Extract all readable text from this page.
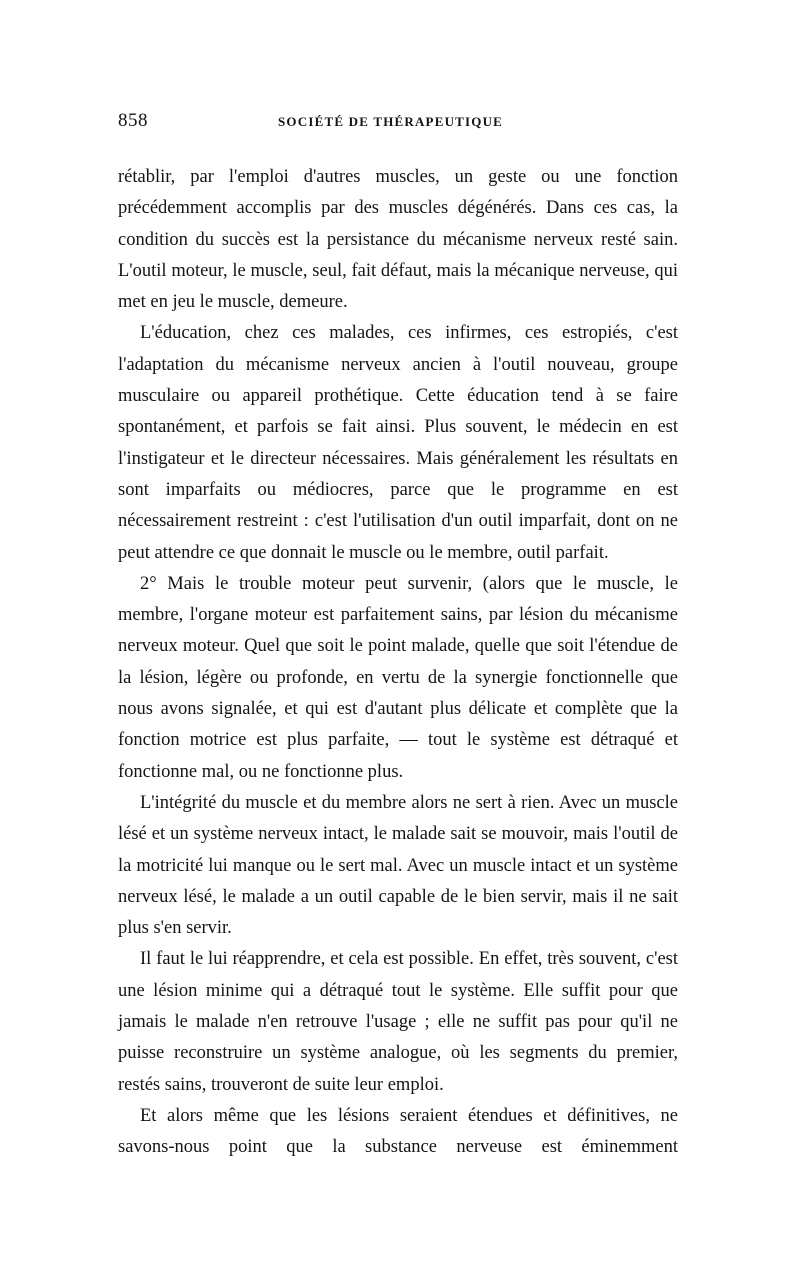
858	SOCIÉTÉ DE THÉRAPEUTIQUE

rétablir, par l'emploi d'autres muscles, un geste ou une fonction précédemment accomplis par des muscles dégénérés. Dans ces cas, la condition du succès est la persistance du mécanisme nerveux resté sain. L'outil moteur, le muscle, seul, fait défaut, mais la mécanique nerveuse, qui met en jeu le muscle, demeure.

L'éducation, chez ces malades, ces infirmes, ces estropiés, c'est l'adaptation du mécanisme nerveux ancien à l'outil nouveau, groupe musculaire ou appareil prothétique. Cette éducation tend à se faire spontanément, et parfois se fait ainsi. Plus souvent, le médecin en est l'instigateur et le directeur nécessaires. Mais généralement les résultats en sont imparfaits ou médiocres, parce que le programme en est nécessairement restreint : c'est l'utilisation d'un outil imparfait, dont on ne peut attendre ce que donnait le muscle ou le membre, outil parfait.

2° Mais le trouble moteur peut survenir, (alors que le muscle, le membre, l'organe moteur est parfaitement sains, par lésion du mécanisme nerveux moteur. Quel que soit le point malade, quelle que soit l'étendue de la lésion, légère ou profonde, en vertu de la synergie fonctionnelle que nous avons signalée, et qui est d'autant plus délicate et complète que la fonction motrice est plus parfaite, — tout le système est détraqué et fonctionne mal, ou ne fonctionne plus.

L'intégrité du muscle et du membre alors ne sert à rien. Avec un muscle lésé et un système nerveux intact, le malade sait se mouvoir, mais l'outil de la motricité lui manque ou le sert mal. Avec un muscle intact et un système nerveux lésé, le malade a un outil capable de le bien servir, mais il ne sait plus s'en servir.

Il faut le lui réapprendre, et cela est possible. En effet, très souvent, c'est une lésion minime qui a détraqué tout le système. Elle suffit pour que jamais le malade n'en retrouve l'usage ; elle ne suffit pas pour qu'il ne puisse reconstruire un système analogue, où les segments du premier, restés sains, trouveront de suite leur emploi.

Et alors même que les lésions seraient étendues et définitives, ne savons-nous point que la substance nerveuse est éminemment
